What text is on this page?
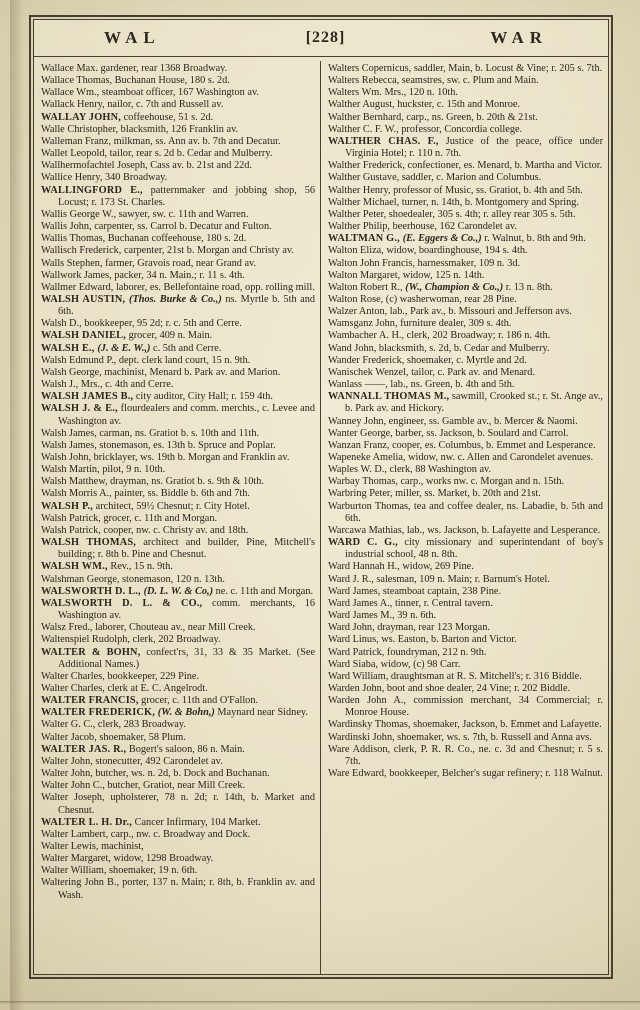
WAL	[228]	WAR
Wallace Max. gardener, rear 1368 Broadway.
Wallace Thomas, Buchanan House, 180 s. 2d.
Wallace Wm., steamboat officer, 167 Washington av.
Wallack Henry, nailor, c. 7th and Russell av.
WALLAY JOHN, coffeehouse, 51 s. 2d.
Walle Christopher, blacksmith, 126 Franklin av.
Walleman Franz, milkman, ss. Ann av. b. 7th and Decatur.
Wallet Leopold, tailor, rear s. 2d b. Cedar and Mulberry.
Wallhermofachtel Joseph, Cass av. b. 21st and 22d.
Wallice Henry, 340 Broadway.
WALLINGFORD E., patternmaker and jobbing shop, 56 Locust; r. 173 St. Charles.
Wallis George W., sawyer, sw. c. 11th and Warren.
Wallis John, carpenter, ss. Carrol b. Decatur and Fulton.
Wallis Thomas, Buchanan coffeehouse, 180 s. 2d.
Wallisch Frederick, carpenter, 21st b. Morgan and Christy av.
Walls Stephen, farmer, Gravois road, near Grand av.
Wallwork James, packer, 34 n. Main.; r. 11 s. 4th.
Wallmer Edward, laborer, es. Bellefontaine road, opp. rolling mill.
WALSH AUSTIN, (Thos. Burke & Co.,) ns. Myrtle b. 5th and 6th.
Walsh D., bookkeeper, 95 2d; r. c. 5th and Cerre.
WALSH DANIEL, grocer, 409 n. Main.
WALSH E., (J. & E. W.,) c. 5th and Cerre.
Walsh Edmund P., dept. clerk land court, 15 n. 9th.
Walsh George, machinist, Menard b. Park av. and Marion.
Walsh J., Mrs., c. 4th and Cerre.
WALSH JAMES B., city auditor, City Hall; r. 159 4th.
WALSH J. & E., flourdealers and comm. merchts., c. Levee and Washington av.
Walsh James, carman, ns. Gratiot b. s. 10th and 11th.
Walsh James, stonemason, es. 13th b. Spruce and Poplar.
Walsh John, bricklayer, ws. 19th b. Morgan and Franklin av.
Walsh Martin, pilot, 9 n. 10th.
Walsh Matthew, drayman, ns. Gratiot b. s. 9th & 10th.
Walsh Morris A., painter, ss. Biddle b. 6th and 7th.
WALSH P., architect, 59½ Chesnut; r. City Hotel.
Walsh Patrick, grocer, c. 11th and Morgan.
Walsh Patrick, cooper, nw. c. Christy av. and 18th.
WALSH THOMAS, architect and builder, Pine, Mitchell's building; r. 8th b. Pine and Chesnut.
WALSH WM., Rev., 15 n. 9th.
Walshman George, stonemason, 120 n. 13th.
WALSWORTH D. L., (D. L. W. & Co,) ne. c. 11th and Morgan.
WALSWORTH D. L. & CO., comm. merchants, 16 Washington av.
Walsz Fred., laborer, Chouteau av., near Mill Creek.
Waltenspiel Rudolph, clerk, 202 Broadway.
WALTER & BOHN, confect'rs, 31, 33 & 35 Market. (See Additional Names.)
Walter Charles, bookkeeper, 229 Pine.
Walter Charles, clerk at E. C. Angelrodt.
WALTER FRANCIS, grocer, c. 11th and O'Fallon.
WALTER FREDERICK, (W. & Bohn,) Maynard near Sidney.
Walter G. C., clerk, 283 Broadway.
Walter Jacob, shoemaker, 58 Plum.
WALTER JAS. R., Bogert's saloon, 86 n. Main.
Walter John, stonecutter, 492 Carondelet av.
Walter John, butcher, ws. n. 2d, b. Dock and Buchanan.
Walter John C., butcher, Gratiot, near Mill Creek.
Walter Joseph, upholsterer, 78 n. 2d; r. 14th, b. Market and Chesnut.
WALTER L. H. Dr., Cancer Infirmary, 104 Market.
Walter Lambert, carp., nw. c. Broadway and Dock.
Walter Lewis, machinist,
Walter Margaret, widow, 1298 Broadway.
Walter William, shoemaker, 19 n. 6th.
Waltering John B., porter, 137 n. Main; r. 8th, b. Franklin av. and Wash.
Walters Copernicus, saddler, Main, b. Locust & Vine; r. 205 s. 7th.
Walters Rebecca, seamstres, sw. c. Plum and Main.
Walters Wm. Mrs., 120 n. 10th.
Walther August, huckster, c. 15th and Monroe.
Walther Bernhard, carp., ns. Green, b. 20th & 21st.
Walther C. F. W., professor, Concordia college.
WALTHER CHAS. F., Justice of the peace, office under Virginia Hotel; r. 110 n. 7th.
Walther Frederick, confectioner, es. Menard, b. Martha and Victor.
Walther Gustave, saddler, c. Marion and Columbus.
Walther Henry, professor of Music, ss. Gratiot, b. 4th and 5th.
Walther Michael, turner, n. 14th, b. Montgomery and Spring.
Walther Peter, shoedealer, 305 s. 4th; r. alley rear 305 s. 5th.
Walther Philip, beerhouse, 162 Carondelet av.
WALTMAN G., (E. Eggers & Co.,) r. Walnut, b. 8th and 9th.
Walton Eliza, widow, boardinghouse, 194 s. 4th.
Walton John Francis, harnessmaker, 109 n. 3d.
Walton Margaret, widow, 125 n. 14th.
Walton Robert R., (W., Champion & Co.,) r. 13 n. 8th.
Walton Rose, (c) washerwoman, rear 28 Pine.
Walzer Anton, lab., Park av., b. Missouri and Jefferson avs.
Wamsganz John, furniture dealer, 309 s. 4th.
Wambacher A. H., clerk, 202 Broadway; r. 186 n. 4th.
Wand John, blacksmith, s. 2d, b. Cedar and Mulberry.
Wander Frederick, shoemaker, c. Myrtle and 2d.
Wanischek Wenzel, tailor, c. Park av. and Menard.
Wanlass ——, lab., ns. Green, b. 4th and 5th.
WANNALL THOMAS M., sawmill, Crooked st.; r. St. Ange av., b. Park av. and Hickory.
Wanney John, engineer, ss. Gamble av., b. Mercer & Naomi.
Wanter George, barber, ss. Jackson, b. Soulard and Carrol.
Wanzan Franz, cooper, es. Columbus, b. Emmet and Lesperance.
Wapeneke Amelia, widow, nw. c. Allen and Carondelet avenues.
Waples W. D., clerk, 88 Washington av.
Warbay Thomas, carp., works nw. c. Morgan and n. 15th.
Warbring Peter, miller, ss. Market, b. 20th and 21st.
Warburton Thomas, tea and coffee dealer, ns. Labadie, b. 5th and 6th.
Warcawa Mathias, lab., ws. Jackson, b. Lafayette and Lesperance.
WARD C. G., city missionary and superintendant of boy's industrial school, 48 n. 8th.
Ward Hannah H., widow, 269 Pine.
Ward J. R., salesman, 109 n. Main; r. Barnum's Hotel.
Ward James, steamboat captain, 238 Pine.
Ward James A., tinner, r. Central tavern.
Ward James M., 39 n. 6th.
Ward John, drayman, rear 123 Morgan.
Ward Linus, ws. Easton, b. Barton and Victor.
Ward Patrick, foundryman, 212 n. 9th.
Ward Siaba, widow, (c) 98 Carr.
Ward William, draughtsman at R. S. Mitchell's; r. 316 Biddle.
Warden John, boot and shoe dealer, 24 Vine; r. 202 Biddle.
Warden John A., commission merchant, 34 Commercial; r. Monroe House.
Wardinsky Thomas, shoemaker, Jackson, b. Emmet and Lafayette.
Wardinski John, shoemaker, ws. s. 7th, b. Russell and Anna avs.
Ware Addison, clerk, P. R. R. Co., ne. c. 3d and Chesnut; r. 5 s. 7th.
Ware Edward, bookkeeper, Belcher's sugar refinery; r. 118 Walnut.
